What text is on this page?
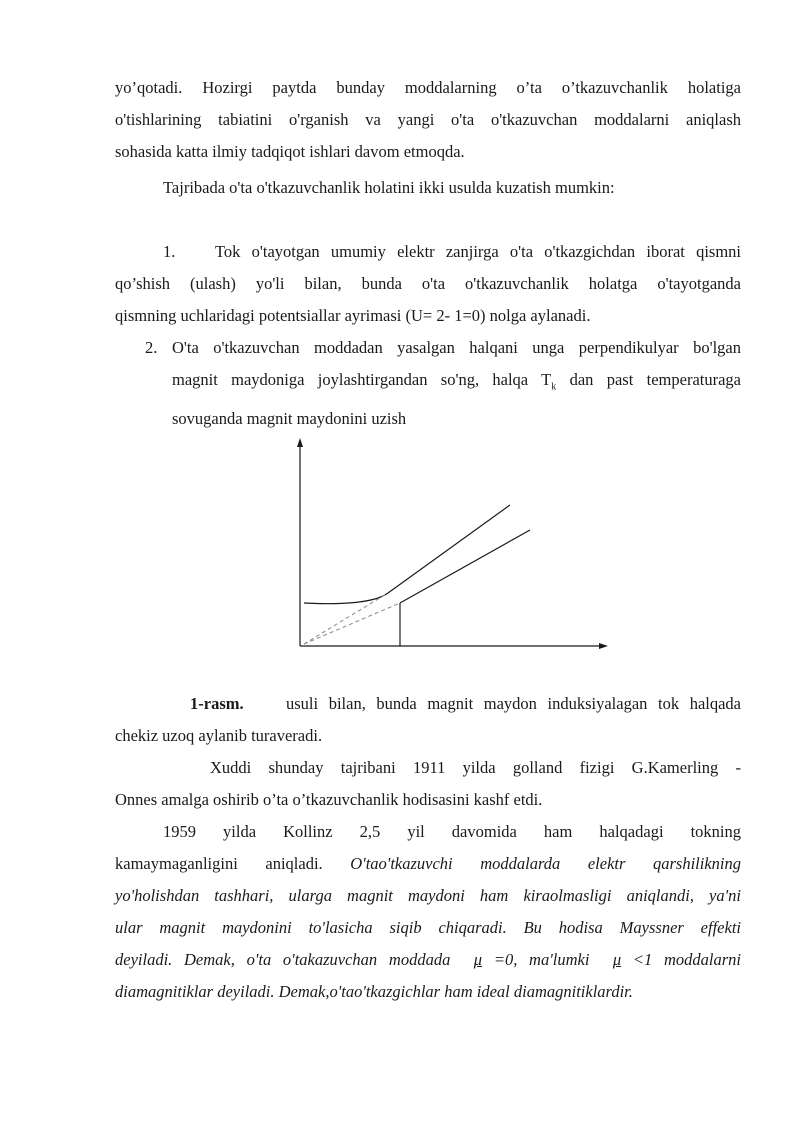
yo’qotadi. Hozirgi paytda bunday moddalarning o’ta o’tkazuvchanlik holatiga
o'tishlarining tabiatini o'rganish va yangi o'ta o'tkazuvchan moddalarni aniqlash
sohasida katta ilmiy tadqiqot ishlari davom etmoqda.

Tajribada o'ta o'tkazuvchanlik holatini ikki usulda kuzatish mumkin:

1. Tok o'tayotgan umumiy elektr zanjirga o'ta o'tkazgichdan iborat qismni
qo’shish (ulash) yo'li bilan, bunda o'ta o'tkazuvchanlik holatga o'tayotganda
qismning uchlaridagi potentsiallar ayrimasi (U= 2- 1=0) nolga aylanadi.

2. O'ta o'tkazuvchan moddadan yasalgan halqani unga perpendikulyar bo'lgan
magnit maydoniga joylashtirgandan so'ng, halqa $T_k$ dan past temperaturaga
sovuganda magnit maydonini uzish

1-rasm.	usuli bilan, bunda magnit maydon induksiyalagan tok halqada
chekiz uzoq aylanib turaveradi.

Xuddi shunday tajribani 1911 yilda golland fizigi G.Kamerling -
Onnes amalga oshirib o’ta o’tkazuvchanlik hodisasini kashf etdi.

1959 yilda Kollinz 2,5 yil davomida ham halqadagi tokning
kamaymaganligini aniqladi. O'tao'tkazuvchi moddalarda elektr qarshilikning
yo'holishdan tashhari, ularga magnit maydoni ham kiraolmasligi aniqlandi, ya'ni
ular magnit maydonini to'lasicha siqib chiqaradi. Bu hodisa Mayssner effekti
deyiladi. Demak, o'ta o'takazuvchan moddada μ =0, ma'lumki μ <1 moddalarni
diamagnitiklar deyiladi. Demak,o'tao'tkazgichlar ham ideal diamagnitiklardir.
